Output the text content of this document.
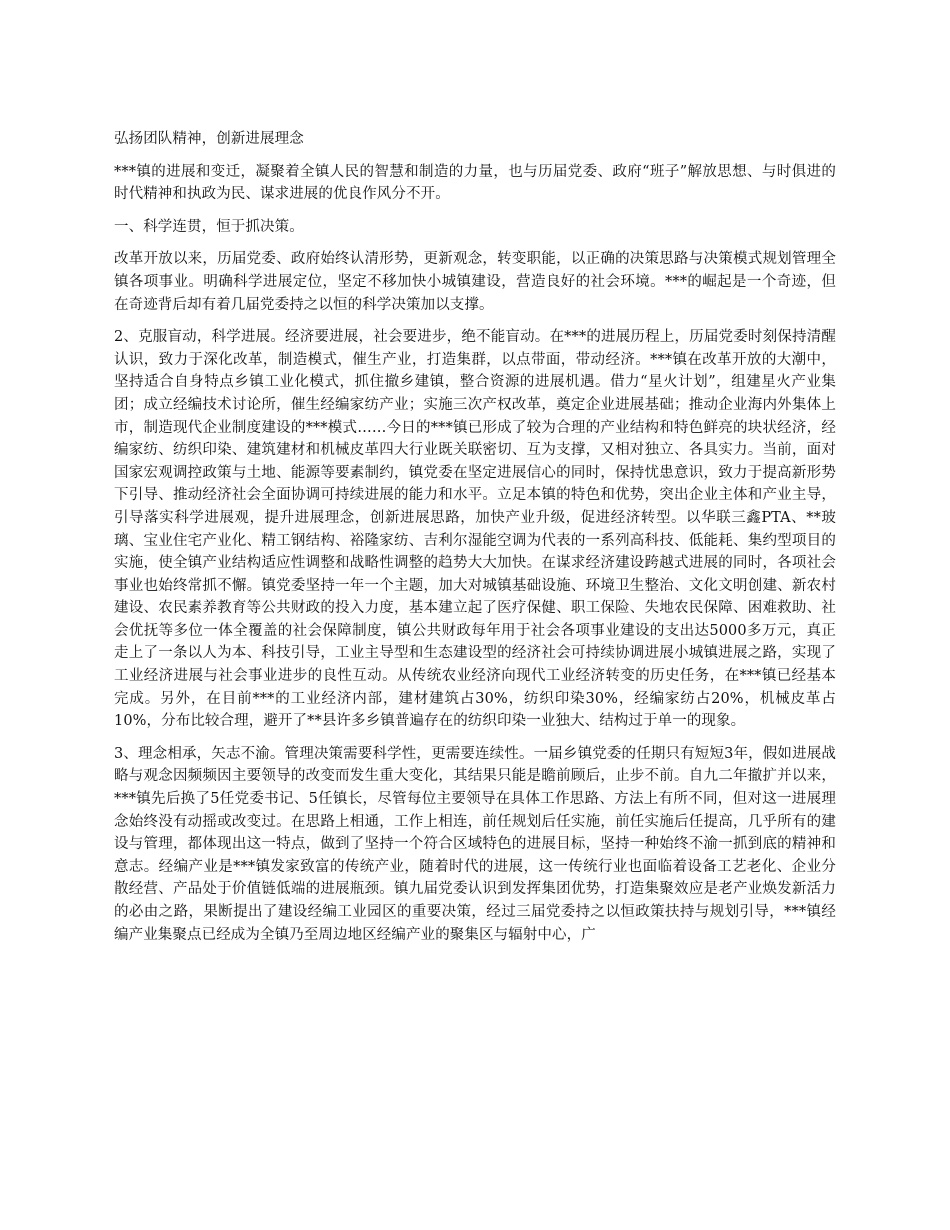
弘扬团队精神，创新进展理念

***镇的进展和变迁，凝聚着全镇人民的智慧和制造的力量，也与历届党委、政府“班子”解放思想、与时俱进的时代精神和执政为民、谋求进展的优良作风分不开。

一、科学连贯，恒于抓决策。

改革开放以来，历届党委、政府始终认清形势，更新观念，转变职能，以正确的决策思路与决策模式规划管理全镇各项事业。明确科学进展定位，坚定不移加快小城镇建设，营造良好的社会环境。***的崛起是一个奇迹，但在奇迹背后却有着几届党委持之以恒的科学决策加以支撑。

2、克服盲动，科学进展。经济要进展，社会要进步，绝不能盲动。在***的进展历程上，历届党委时刻保持清醒认识，致力于深化改革，制造模式，催生产业，打造集群，以点带面，带动经济。***镇在改革开放的大潮中，坚持适合自身特点乡镇工业化模式，抓住撤乡建镇，整合资源的进展机遇。借力“星火计划”，组建星火产业集团；成立经编技术讨论所，催生经编家纺产业；实施三次产权改革，奠定企业进展基础；推动企业海内外集体上市，制造现代企业制度建设的***模式……今日的***镇已形成了较为合理的产业结构和特色鲜亮的块状经济，经编家纺、纺织印染、建筑建材和机械皮革四大行业既关联密切、互为支撑，又相对独立、各具实力。当前，面对国家宏观调控政策与土地、能源等要素制约，镇党委在坚定进展信心的同时，保持忧患意识，致力于提高新形势下引导、推动经济社会全面协调可持续进展的能力和水平。立足本镇的特色和优势，突出企业主体和产业主导，引导落实科学进展观，提升进展理念，创新进展思路，加快产业升级，促进经济转型。以华联三鑫PTA、**玻璃、宝业住宅产业化、精工钢结构、裕隆家纺、吉利尔湿能空调为代表的一系列高科技、低能耗、集约型项目的实施，使全镇产业结构适应性调整和战略性调整的趋势大大加快。在谋求经济建设跨越式进展的同时，各项社会事业也始终常抓不懈。镇党委坚持一年一个主题，加大对城镇基础设施、环境卫生整治、文化文明创建、新农村建设、农民素养教育等公共财政的投入力度，基本建立起了医疗保健、职工保险、失地农民保障、困难救助、社会优抚等多位一体全覆盖的社会保障制度，镇公共财政每年用于社会各项事业建设的支出达5000多万元，真正走上了一条以人为本、科技引导，工业主导型和生态建设型的经济社会可持续协调进展小城镇进展之路，实现了工业经济进展与社会事业进步的良性互动。从传统农业经济向现代工业经济转变的历史任务，在***镇已经基本完成。另外，在目前***的工业经济内部，建材建筑占30%，纺织印染30%，经编家纺占20%，机械皮革占10%，分布比较合理，避开了**县许多乡镇普遍存在的纺织印染一业独大、结构过于单一的现象。

3、理念相承，矢志不渝。管理决策需要科学性，更需要连续性。一届乡镇党委的任期只有短短3年，假如进展战略与观念因频频因主要领导的改变而发生重大变化，其结果只能是瞻前顾后，止步不前。自九二年撤扩并以来，***镇先后换了5任党委书记、5任镇长，尽管每位主要领导在具体工作思路、方法上有所不同，但对这一进展理念始终没有动摇或改变过。在思路上相通，工作上相连，前任规划后任实施，前任实施后任提高，几乎所有的建设与管理，都体现出这一特点，做到了坚持一个符合区域特色的进展目标，坚持一种始终不渝一抓到底的精神和意志。经编产业是***镇发家致富的传统产业，随着时代的进展，这一传统行业也面临着设备工艺老化、企业分散经营、产品处于价值链低端的进展瓶颈。镇九届党委认识到发挥集团优势，打造集聚效应是老产业焕发新活力的必由之路，果断提出了建设经编工业园区的重要决策，经过三届党委持之以恒政策扶持与规划引导，***镇经编产业集聚点已经成为全镇乃至周边地区经编产业的聚集区与辐射中心，广
